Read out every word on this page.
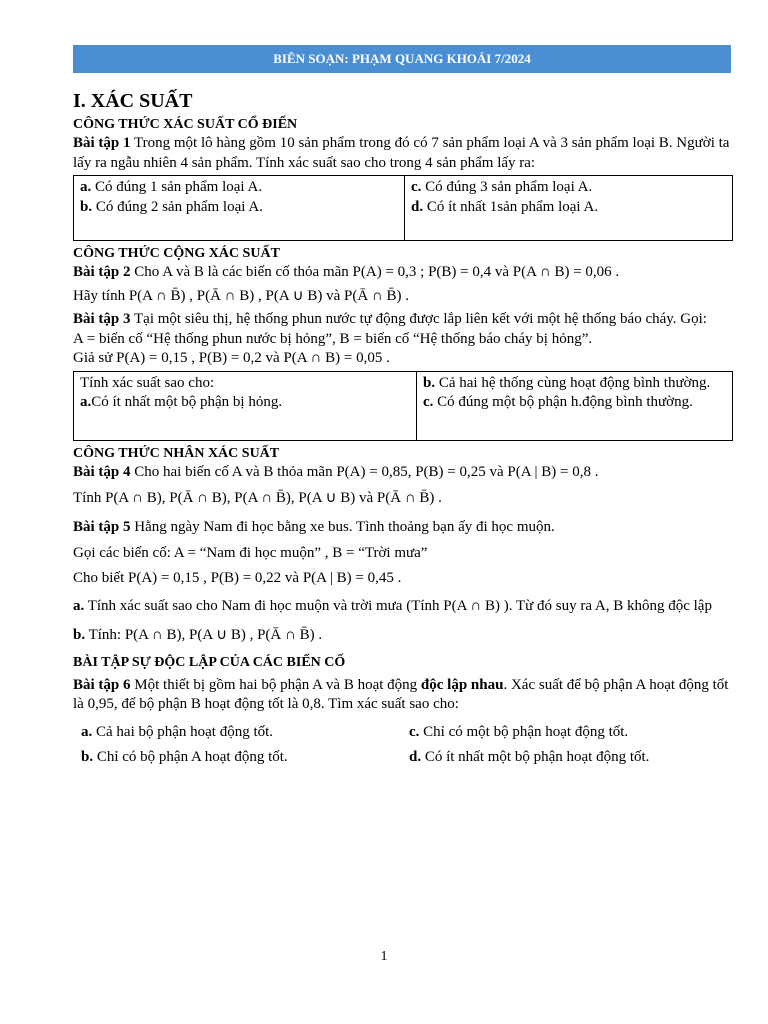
BIÊN SOẠN: PHẠM QUANG KHOÁI 7/2024
I. XÁC SUẤT

CÔNG THỨC XÁC SUẤT CỔ ĐIỂN

Bài tập 1 Trong một lô hàng gồm 10 sản phẩm trong đó có 7 sản phẩm loại A và 3 sản phẩm loại B. Người ta lấy ra ngẫu nhiên 4 sản phẩm. Tính xác suất sao cho trong 4 sản phẩm lấy ra:

a. Có đúng 1 sản phẩm loại A.
b. Có đúng 2 sản phẩm loại A.
c. Có đúng 3 sản phẩm loại A.
d. Có ít nhất 1sản phẩm loại A.

CÔNG THỨC CỘNG XÁC SUẤT

Bài tập 2 Cho A và B là các biến cố thỏa mãn P(A) = 0,3 ; P(B) = 0,4 và P(A ∩ B) = 0,06 .

Hãy tính P(A ∩ B̄) , P(Ā ∩ B) , P(A ∪ B) và P(Ā ∩ B̄) .

Bài tập 3 Tại một siêu thị, hệ thống phun nước tự động được lắp liên kết với một hệ thống báo cháy. Gọi:

A = biến cố “Hệ thống phun nước bị hỏng”, B = biến cố “Hệ thống báo cháy bị hỏng”.

Giả sử P(A) = 0,15 , P(B) = 0,2 và P(A ∩ B) = 0,05 .

Tính xác suất sao cho:
a.Có ít nhất một bộ phận bị hỏng.
b. Cả hai hệ thống cùng hoạt động bình thường.
c. Có đúng một bộ phận h.động bình thường.

CÔNG THỨC NHÂN XÁC SUẤT

Bài tập 4 Cho hai biến cố A và B thỏa mãn P(A) = 0,85, P(B) = 0,25 và P(A | B) = 0,8 .

Tính P(A ∩ B), P(Ā ∩ B), P(A ∩ B̄), P(A ∪ B) và P(Ā ∩ B̄) .

Bài tập 5 Hằng ngày Nam đi học bằng xe bus. Tình thoảng bạn ấy đi học muộn.

Gọi các biến cố: A = “Nam đi học muộn” , B = “Trời mưa”

Cho biết P(A) = 0,15 , P(B) = 0,22 và P(A | B) = 0,45 .

a. Tính xác suất sao cho Nam đi học muộn và trời mưa (Tính P(A ∩ B) ). Từ đó suy ra A, B không độc lập

b. Tính: P(A ∩ B), P(A ∪ B) , P(Ā ∩ B̄) .

BÀI TẬP SỰ ĐỘC LẬP CỦA CÁC BIẾN CỐ

Bài tập 6 Một thiết bị gồm hai bộ phận A và B hoạt động độc lập nhau. Xác suất để bộ phận A hoạt động tốt là 0,95, để bộ phận B hoạt động tốt là 0,8. Tìm xác suất sao cho:

a. Cả hai bộ phận hoạt động tốt.
b. Chỉ có bộ phận A hoạt động tốt.
c. Chỉ có một bộ phận hoạt động tốt.
d. Có ít nhất một bộ phận hoạt động tốt.
1
